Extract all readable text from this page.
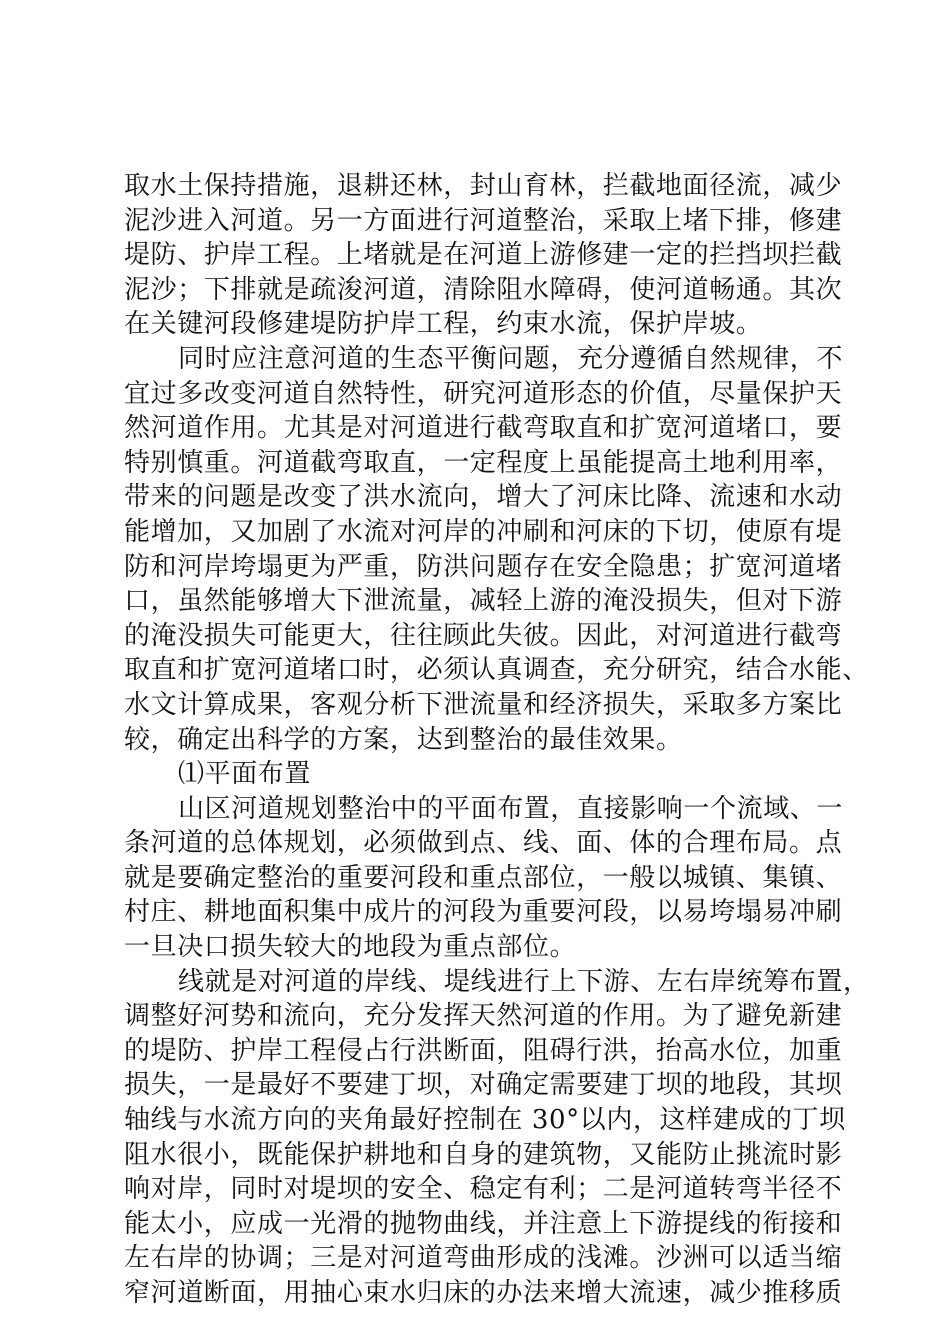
取水土保持措施，退耕还林，封山育林，拦截地面径流，减少
泥沙进入河道。另一方面进行河道整治，采取上堵下排，修建
堤防、护岸工程。上堵就是在河道上游修建一定的拦挡坝拦截
泥沙；下排就是疏浚河道，清除阻水障碍，使河道畅通。其次
在关键河段修建堤防护岸工程，约束水流，保护岸坡。
同时应注意河道的生态平衡问题，充分遵循自然规律，不
宜过多改变河道自然特性，研究河道形态的价值，尽量保护天
然河道作用。尤其是对河道进行截弯取直和扩宽河道堵口，要
特别慎重。河道截弯取直，一定程度上虽能提高土地利用率，
带来的问题是改变了洪水流向，增大了河床比降、流速和水动
能增加，又加剧了水流对河岸的冲刷和河床的下切，使原有堤
防和河岸垮塌更为严重，防洪问题存在安全隐患；扩宽河道堵
口，虽然能够增大下泄流量，减轻上游的淹没损失，但对下游
的淹没损失可能更大，往往顾此失彼。因此，对河道进行截弯
取直和扩宽河道堵口时，必须认真调查，充分研究，结合水能、
水文计算成果，客观分析下泄流量和经济损失，采取多方案比
较，确定出科学的方案，达到整治的最佳效果。
⑴平面布置
山区河道规划整治中的平面布置，直接影响一个流域、一
条河道的总体规划，必须做到点、线、面、体的合理布局。点
就是要确定整治的重要河段和重点部位，一般以城镇、集镇、
村庄、耕地面积集中成片的河段为重要河段，以易垮塌易冲刷
一旦决口损失较大的地段为重点部位。
线就是对河道的岸线、堤线进行上下游、左右岸统筹布置，
调整好河势和流向，充分发挥天然河道的作用。为了避免新建
的堤防、护岸工程侵占行洪断面，阻碍行洪，抬高水位，加重
损失，一是最好不要建丁坝，对确定需要建丁坝的地段，其坝
轴线与水流方向的夹角最好控制在 30°以内，这样建成的丁坝
阻水很小，既能保护耕地和自身的建筑物，又能防止挑流时影
响对岸，同时对堤坝的安全、稳定有利；二是河道转弯半径不
能太小，应成一光滑的抛物曲线，并注意上下游提线的衔接和
左右岸的协调；三是对河道弯曲形成的浅滩。沙洲可以适当缩
窄河道断面，用抽心束水归床的办法来增大流速，减少推移质
